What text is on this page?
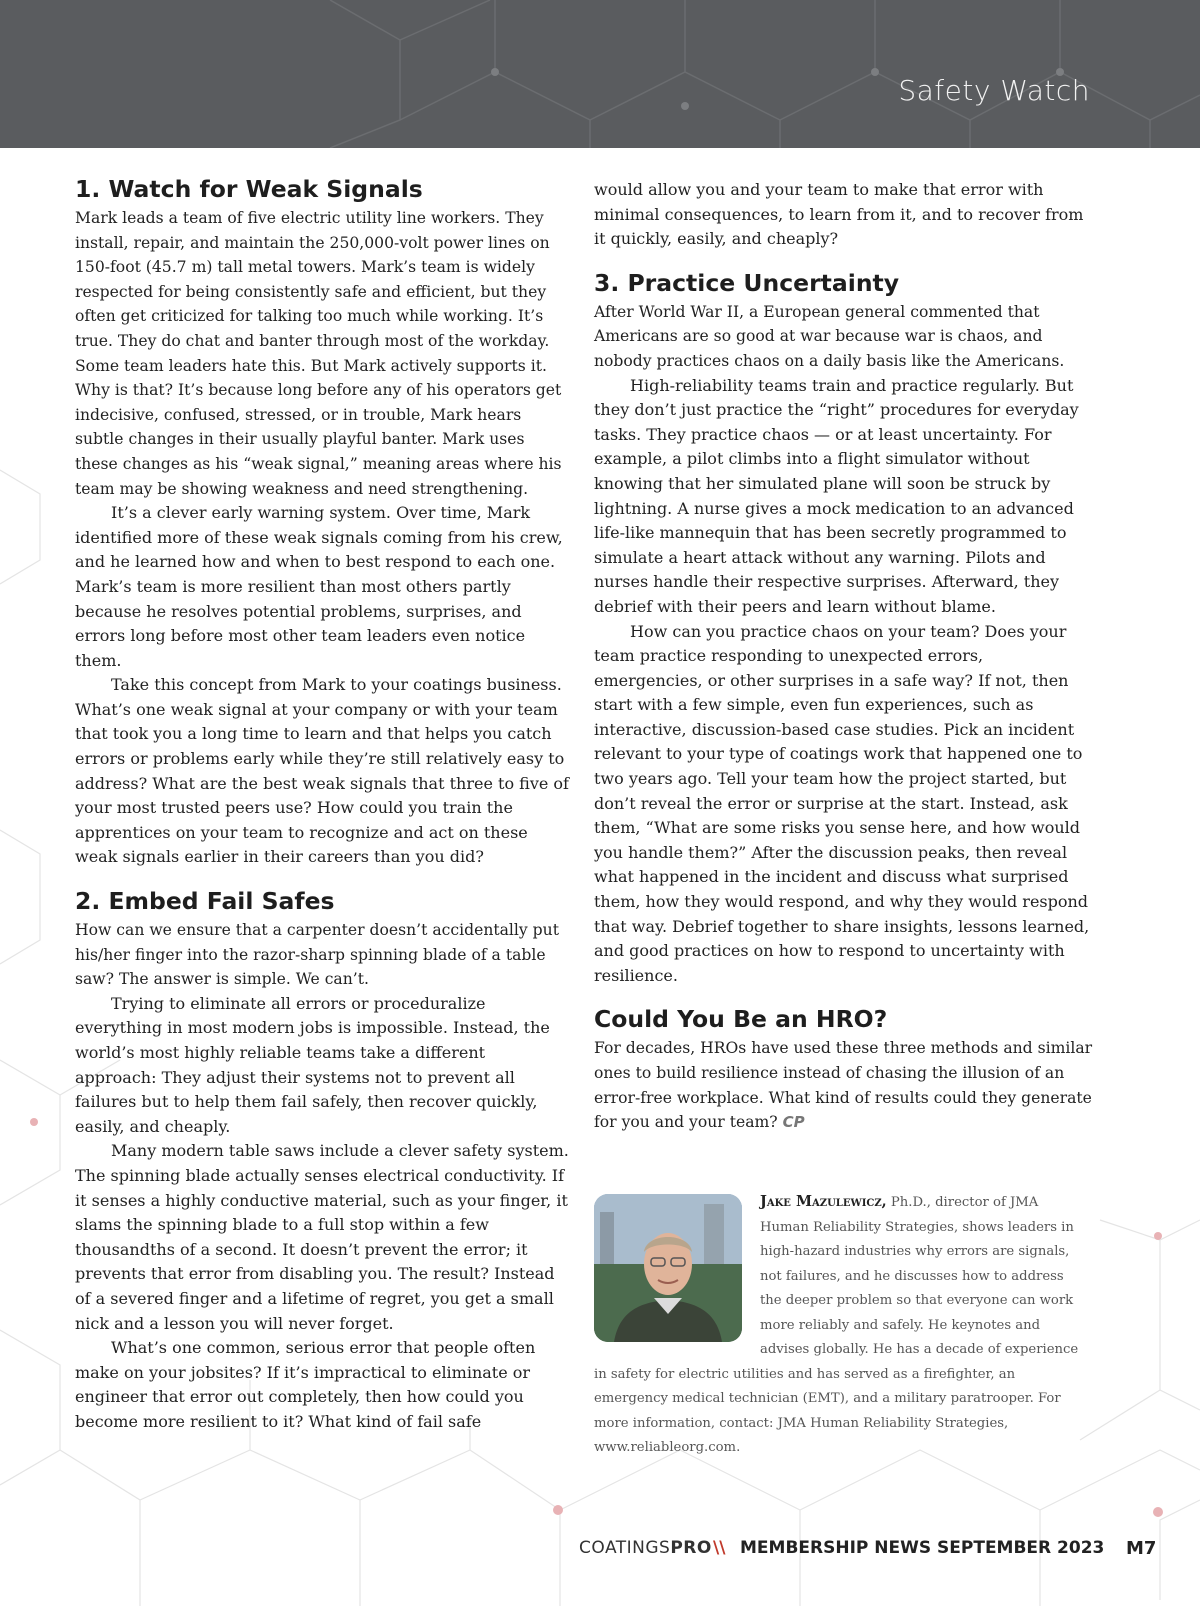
Safety Watch
1. Watch for Weak Signals

Mark leads a team of five electric utility line workers. They install, repair, and maintain the 250,000-volt power lines on 150-foot (45.7 m) tall metal towers. Mark’s team is widely respected for being consistently safe and efficient, but they often get criticized for talking too much while working. It’s true. They do chat and banter through most of the workday. Some team leaders hate this. But Mark actively supports it. Why is that? It’s because long before any of his operators get indecisive, confused, stressed, or in trouble, Mark hears subtle changes in their usually playful banter. Mark uses these changes as his “weak signal,” meaning areas where his team may be showing weakness and need strengthening.

It’s a clever early warning system. Over time, Mark identified more of these weak signals coming from his crew, and he learned how and when to best respond to each one. Mark’s team is more resilient than most others partly because he resolves potential problems, surprises, and errors long before most other team leaders even notice them.

Take this concept from Mark to your coatings business. What’s one weak signal at your company or with your team that took you a long time to learn and that helps you catch errors or problems early while they’re still relatively easy to address? What are the best weak signals that three to five of your most trusted peers use? How could you train the apprentices on your team to recognize and act on these weak signals earlier in their careers than you did?

2. Embed Fail Safes

How can we ensure that a carpenter doesn’t accidentally put his/her finger into the razor-sharp spinning blade of a table saw? The answer is simple. We can’t.

Trying to eliminate all errors or proceduralize everything in most modern jobs is impossible. Instead, the world’s most highly reliable teams take a different approach: They adjust their systems not to prevent all failures but to help them fail safely, then recover quickly, easily, and cheaply.

Many modern table saws include a clever safety system. The spinning blade actually senses electrical conductivity. If it senses a highly conductive material, such as your finger, it slams the spinning blade to a full stop within a few thousandths of a second. It doesn’t prevent the error; it prevents that error from disabling you. The result? Instead of a severed finger and a lifetime of regret, you get a small nick and a lesson you will never forget.

What’s one common, serious error that people often make on your jobsites? If it’s impractical to eliminate or engineer that error out completely, then how could you become more resilient to it? What kind of fail safe

would allow you and your team to make that error with minimal consequences, to learn from it, and to recover from it quickly, easily, and cheaply?

3. Practice Uncertainty

After World War II, a European general commented that Americans are so good at war because war is chaos, and nobody practices chaos on a daily basis like the Americans.

High-reliability teams train and practice regularly. But they don’t just practice the “right” procedures for everyday tasks. They practice chaos — or at least uncertainty. For example, a pilot climbs into a flight simulator without knowing that her simulated plane will soon be struck by lightning. A nurse gives a mock medication to an advanced life-like mannequin that has been secretly programmed to simulate a heart attack without any warning. Pilots and nurses handle their respective surprises. Afterward, they debrief with their peers and learn without blame.

How can you practice chaos on your team? Does your team practice responding to unexpected errors, emergencies, or other surprises in a safe way? If not, then start with a few simple, even fun experiences, such as interactive, discussion-based case studies. Pick an incident relevant to your type of coatings work that happened one to two years ago. Tell your team how the project started, but don’t reveal the error or surprise at the start. Instead, ask them, “What are some risks you sense here, and how would you handle them?” After the discussion peaks, then reveal what happened in the incident and discuss what surprised them, how they would respond, and why they would respond that way. Debrief together to share insights, lessons learned, and good practices on how to respond to uncertainty with resilience.

Could You Be an HRO?

For decades, HROs have used these three methods and similar ones to build resilience instead of chasing the illusion of an error-free workplace. What kind of results could they generate for you and your team? CP

Jake Mazulewicz, Ph.D., director of JMA Human Reliability Strategies, shows leaders in high-hazard industries why errors are signals, not failures, and he discusses how to address the deeper problem so that everyone can work more reliably and safely. He keynotes and advises globally. He has a decade of experience in safety for electric utilities and has served as a firefighter, an emergency medical technician (EMT), and a military paratrooper. For more information, contact: JMA Human Reliability Strategies, www.reliableorg.com.
COATINGSPRO \\ MEMBERSHIP NEWS SEPTEMBER 2023 M7
